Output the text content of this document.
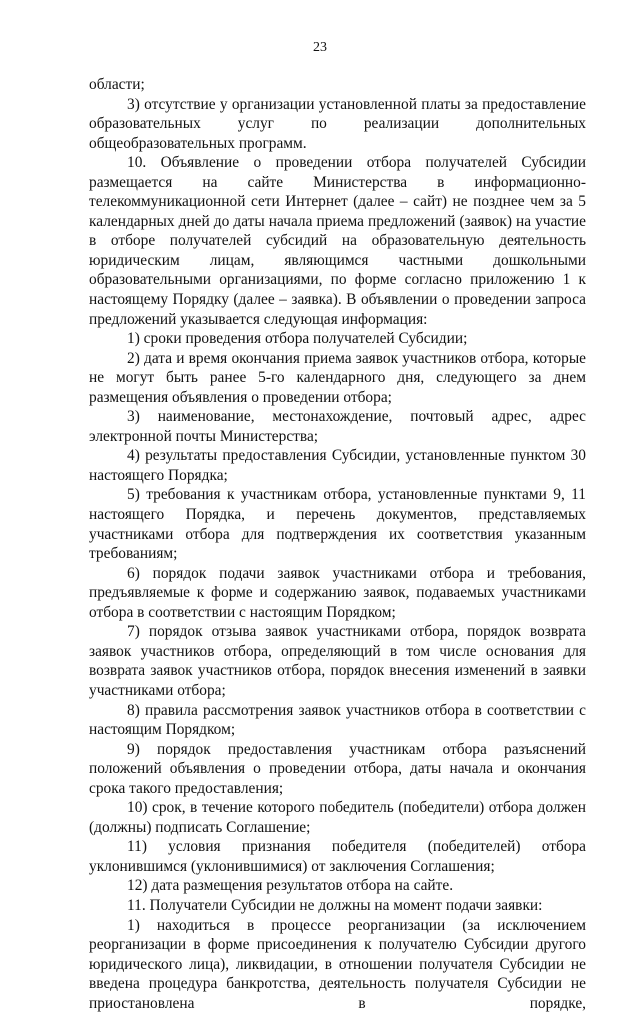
23

области;

3) отсутствие у организации установленной платы за предоставление образовательных услуг по реализации дополнительных общеобразовательных программ.

10. Объявление о проведении отбора получателей Субсидии размещается на сайте Министерства в информационно-телекоммуникационной сети Интернет (далее – сайт) не позднее чем за 5 календарных дней до даты начала приема предложений (заявок) на участие в отборе получателей субсидий на образовательную деятельность юридическим лицам, являющимся частными дошкольными образовательными организациями, по форме согласно приложению 1 к настоящему Порядку (далее – заявка). В объявлении о проведении запроса предложений указывается следующая информация:

1) сроки проведения отбора получателей Субсидии;

2) дата и время окончания приема заявок участников отбора, которые не могут быть ранее 5-го календарного дня, следующего за днем размещения объявления о проведении отбора;

3) наименование, местонахождение, почтовый адрес, адрес электронной почты Министерства;

4) результаты предоставления Субсидии, установленные пунктом 30 настоящего Порядка;

5) требования к участникам отбора, установленные пунктами 9, 11 настоящего Порядка, и перечень документов, представляемых участниками отбора для подтверждения их соответствия указанным требованиям;

6) порядок подачи заявок участниками отбора и требования, предъявляемые к форме и содержанию заявок, подаваемых участниками отбора в соответствии с настоящим Порядком;

7) порядок отзыва заявок участниками отбора, порядок возврата заявок участников отбора, определяющий в том числе основания для возврата заявок участников отбора, порядок внесения изменений в заявки участниками отбора;

8) правила рассмотрения заявок участников отбора в соответствии с настоящим Порядком;

9) порядок предоставления участникам отбора разъяснений положений объявления о проведении отбора, даты начала и окончания срока такого предоставления;

10) срок, в течение которого победитель (победители) отбора должен (должны) подписать Соглашение;

11) условия признания победителя (победителей) отбора уклонившимся (уклонившимися) от заключения Соглашения;

12) дата размещения результатов отбора на сайте.

11. Получатели Субсидии не должны на момент подачи заявки:

1) находиться в процессе реорганизации (за исключением реорганизации в форме присоединения к получателю Субсидии другого юридического лица), ликвидации, в отношении получателя Субсидии не введена процедура банкротства, деятельность получателя Субсидии не приостановлена в порядке,
